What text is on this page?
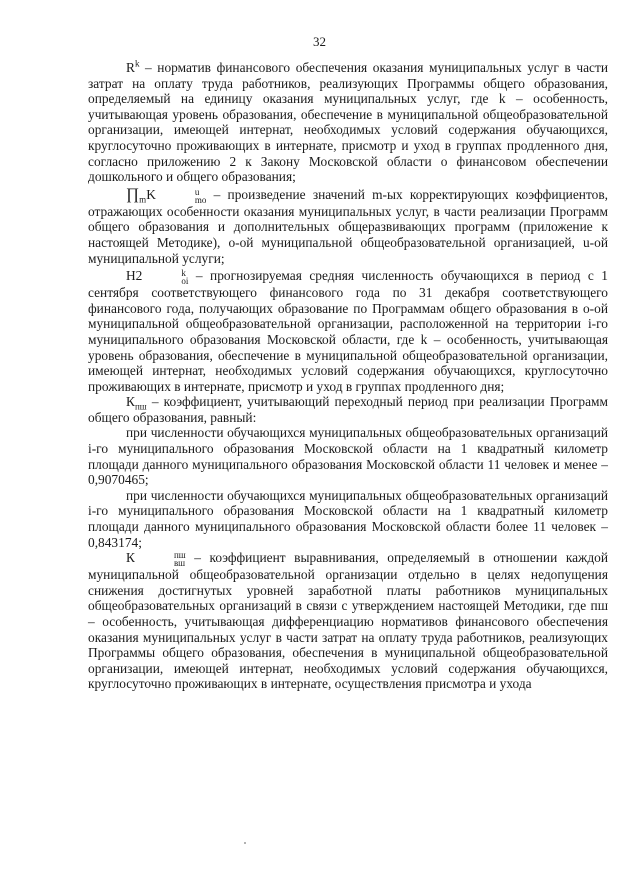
32

$R^k$ – норматив финансового обеспечения оказания муниципальных услуг в части затрат на оплату труда работников, реализующих Программы общего образования, определяемый на единицу оказания муниципальных услуг, где k – особенность, учитывающая уровень образования, обеспечение в муниципальной общеобразовательной организации, имеющей интернат, необходимых условий содержания обучающихся, круглосуточно проживающих в интернате, присмотр и уход в группах продленного дня, согласно приложению 2 к Закону Московской области о финансовом обеспечении дошкольного и общего образования;

$\prod_mK$	u
mo – произведение значений m-ых корректирующих коэффициентов, отражающих особенности оказания муниципальных услуг, в части реализации Программ общего образования и дополнительных общеразвивающих программ (приложение к настоящей Методике), о-ой муниципальной общеобразовательной организацией, u-ой муниципальной услуги;

Н2	k
oi – прогнозируемая средняя численность обучающихся в период с 1 сентября соответствующего финансового года по 31 декабря соответствующего финансового года, получающих образование по Программам общего образования в о-ой муниципальной общеобразовательной организации, расположенной на территории i-го муниципального образования Московской области, где k – особенность, учитывающая уровень образования, обеспечение в муниципальной общеобразовательной организации, имеющей интернат, необходимых условий содержания обучающихся, круглосуточно проживающих в интернате, присмотр и уход в группах продленного дня;

$К_{пш}$ – коэффициент, учитывающий переходный период при реализации Программ общего образования, равный:

при численности обучающихся муниципальных общеобразовательных организаций i-го муниципального образования Московской области на 1 квадратный километр площади данного муниципального образования Московской области 11 человек и менее – 0,9070465;

при численности обучающихся муниципальных общеобразовательных организаций i-го муниципального образования Московской области на 1 квадратный километр площади данного муниципального образования Московской области более 11 человек – 0,843174;

К	пш
вш – коэффициент выравнивания, определяемый в отношении каждой муниципальной общеобразовательной организации отдельно в целях недопущения снижения достигнутых уровней заработной платы работников муниципальных общеобразовательных организаций в связи с утверждением настоящей Методики, где пш – особенность, учитывающая дифференциацию нормативов финансового обеспечения оказания муниципальных услуг в части затрат на оплату труда работников, реализующих Программы общего образования, обеспечения в муниципальной общеобразовательной организации, имеющей интернат, необходимых условий содержания обучающихся, круглосуточно проживающих в интернате, осуществления присмотра и ухода
